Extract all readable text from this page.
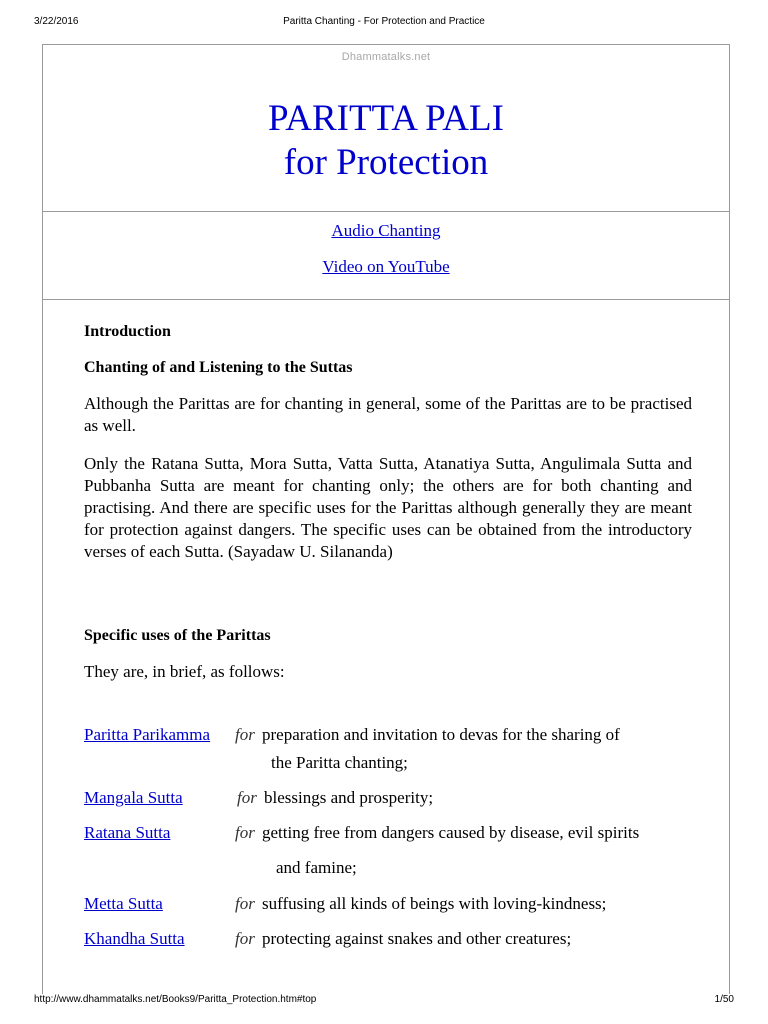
3/22/2016	Paritta Chanting - For Protection and Practice
Dhammatalks.net
PARITTA PALI
for Protection
Audio Chanting
Video on YouTube
Introduction
Chanting of and Listening to the Suttas
Although the Parittas are for chanting in general, some of the Parittas are to be practised as well.
Only the Ratana Sutta, Mora Sutta, Vatta Sutta, Atanatiya Sutta, Angulimala Sutta and Pubbanha Sutta are meant for chanting only; the others are for both chanting and practising. And there are specific uses for the Parittas although generally they are meant for protection against dangers. The specific uses can be obtained from the introductory verses of each Sutta. (Sayadaw U. Silananda)
Specific uses of the Parittas
They are, in brief, as follows:
Paritta Parikamma for preparation and invitation to devas for the sharing of
the Paritta chanting;
Mangala Sutta	for blessings and prosperity;
Ratana Sutta	for getting free from dangers caused by disease, evil spirits
and famine;
Metta Sutta	for suffusing all kinds of beings with loving-kindness;
Khandha Sutta	for protecting against snakes and other creatures;
http://www.dhammatalks.net/Books9/Paritta_Protection.htm#top	1/50
